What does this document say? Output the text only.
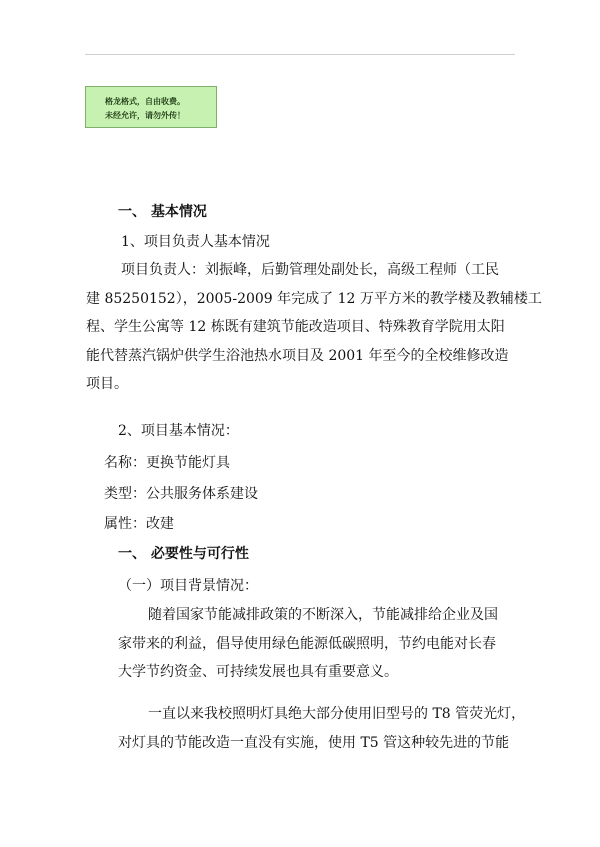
格龙格式，自由收费。
未经允许，请勿外传！
一、 基本情况
1、项目负责人基本情况
项目负责人：刘振峰，后勤管理处副处长，高级工程师（工民
建 85250152），2005-2009 年完成了 12 万平方米的教学楼及教辅楼工
程、学生公寓等 12 栋既有建筑节能改造项目、特殊教育学院用太阳
能代替蒸汽锅炉供学生浴池热水项目及 2001 年至今的全校维修改造
项目。
2、项目基本情况：
名称：更换节能灯具
类型：公共服务体系建设
属性：改建
一、 必要性与可行性
（一）项目背景情况：
随着国家节能减排政策的不断深入，节能减排给企业及国
家带来的利益，倡导使用绿色能源低碳照明，节约电能对长春
大学节约资金、可持续发展也具有重要意义。
一直以来我校照明灯具绝大部分使用旧型号的 T8 管荧光灯，
对灯具的节能改造一直没有实施，使用 T5 管这种较先进的节能
